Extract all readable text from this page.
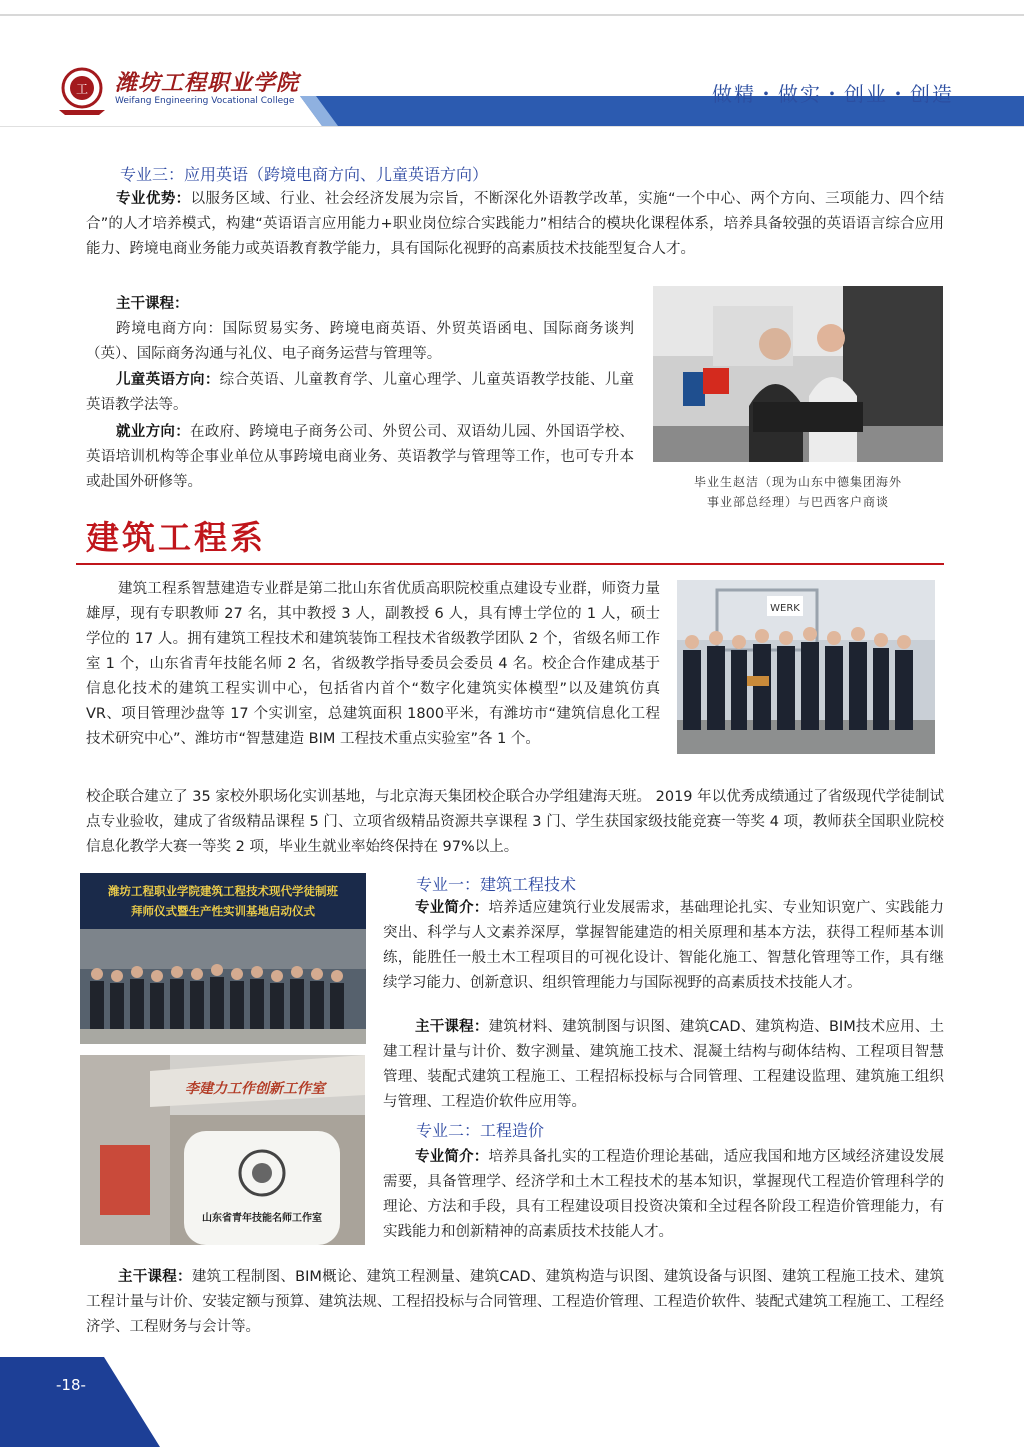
工 潍坊工程职业学院
Weifang Engineering Vocational College	做精・做实・创业・创造
专业三：应用英语（跨境电商方向、儿童英语方向）
专业优势：以服务区域、行业、社会经济发展为宗旨，不断深化外语教学改革，实施“一个中心、两个方向、三项能力、四个结合”的人才培养模式，构建“英语语言应用能力+职业岗位综合实践能力”相结合的模块化课程体系，培养具备较强的英语语言综合应用能力、跨境电商业务能力或英语教育教学能力，具有国际化视野的高素质技术技能型复合人才。
主干课程：
跨境电商方向：国际贸易实务、跨境电商英语、外贸英语函电、国际商务谈判（英）、国际商务沟通与礼仪、电子商务运营与管理等。
儿童英语方向：综合英语、儿童教育学、儿童心理学、儿童英语教学技能、儿童英语教学法等。
就业方向：在政府、跨境电子商务公司、外贸公司、双语幼儿园、外国语学校、英语培训机构等企事业单位从事跨境电商业务、英语教学与管理等工作，也可专升本或赴国外研修等。	毕业生赵洁（现为山东中德集团海外
事业部总经理）与巴西客户商谈
建筑工程系
建筑工程系智慧建造专业群是第二批山东省优质高职院校重点建设专业群，师资力量雄厚，现有专职教师 27 名，其中教授 3 人，副教授 6 人，具有博士学位的 1 人，硕士学位的 17 人。拥有建筑工程技术和建筑装饰工程技术省级教学团队 2 个，省级名师工作室 1 个，山东省青年技能名师 2 名，省级教学指导委员会委员 4 名。校企合作建成基于信息化技术的建筑工程实训中心，包括省内首个“数字化建筑实体模型”以及建筑仿真 VR、项目管理沙盘等 17 个实训室，总建筑面积 1800平米，有潍坊市“建筑信息化工程技术研究中心”、潍坊市“智慧建造 BIM 工程技术重点实验室”各 1 个。
WERK
校企联合建立了 35 家校外职场化实训基地，与北京海天集团校企联合办学组建海天班。 2019 年以优秀成绩通过了省级现代学徒制试点专业验收，建成了省级精品课程 5 门、立项省级精品资源共享课程 3 门、学生获国家级技能竞赛一等奖 4 项，教师获全国职业院校信息化教学大赛一等奖 2 项，毕业生就业率始终保持在 97%以上。
潍坊工程职业学院建筑工程技术现代学徒制班
拜师仪式暨生产性实训基地启动仪式
李建力工作创新工作室
山东省青年技能名师工作室
专业一：建筑工程技术
专业简介：培养适应建筑行业发展需求，基础理论扎实、专业知识宽广、实践能力突出、科学与人文素养深厚，掌握智能建造的相关原理和基本方法，获得工程师基本训练，能胜任一般土木工程项目的可视化设计、智能化施工、智慧化管理等工作，具有继续学习能力、创新意识、组织管理能力与国际视野的高素质技术技能人才。
主干课程：建筑材料、建筑制图与识图、建筑CAD、建筑构造、BIM技术应用、土建工程计量与计价、数字测量、建筑施工技术、混凝土结构与砌体结构、工程项目智慧管理、装配式建筑工程施工、工程招标投标与合同管理、工程建设监理、建筑施工组织与管理、工程造价软件应用等。
专业二：工程造价
专业简介：培养具备扎实的工程造价理论基础，适应我国和地方区域经济建设发展需要，具备管理学、经济学和土木工程技术的基本知识，掌握现代工程造价管理科学的理论、方法和手段，具有工程建设项目投资决策和全过程各阶段工程造价管理能力，有实践能力和创新精神的高素质技术技能人才。
主干课程：建筑工程制图、BIM概论、建筑工程测量、建筑CAD、建筑构造与识图、建筑设备与识图、建筑工程施工技术、建筑工程计量与计价、安装定额与预算、建筑法规、工程招投标与合同管理、工程造价管理、工程造价软件、装配式建筑工程施工、工程经济学、工程财务与会计等。
-18-
